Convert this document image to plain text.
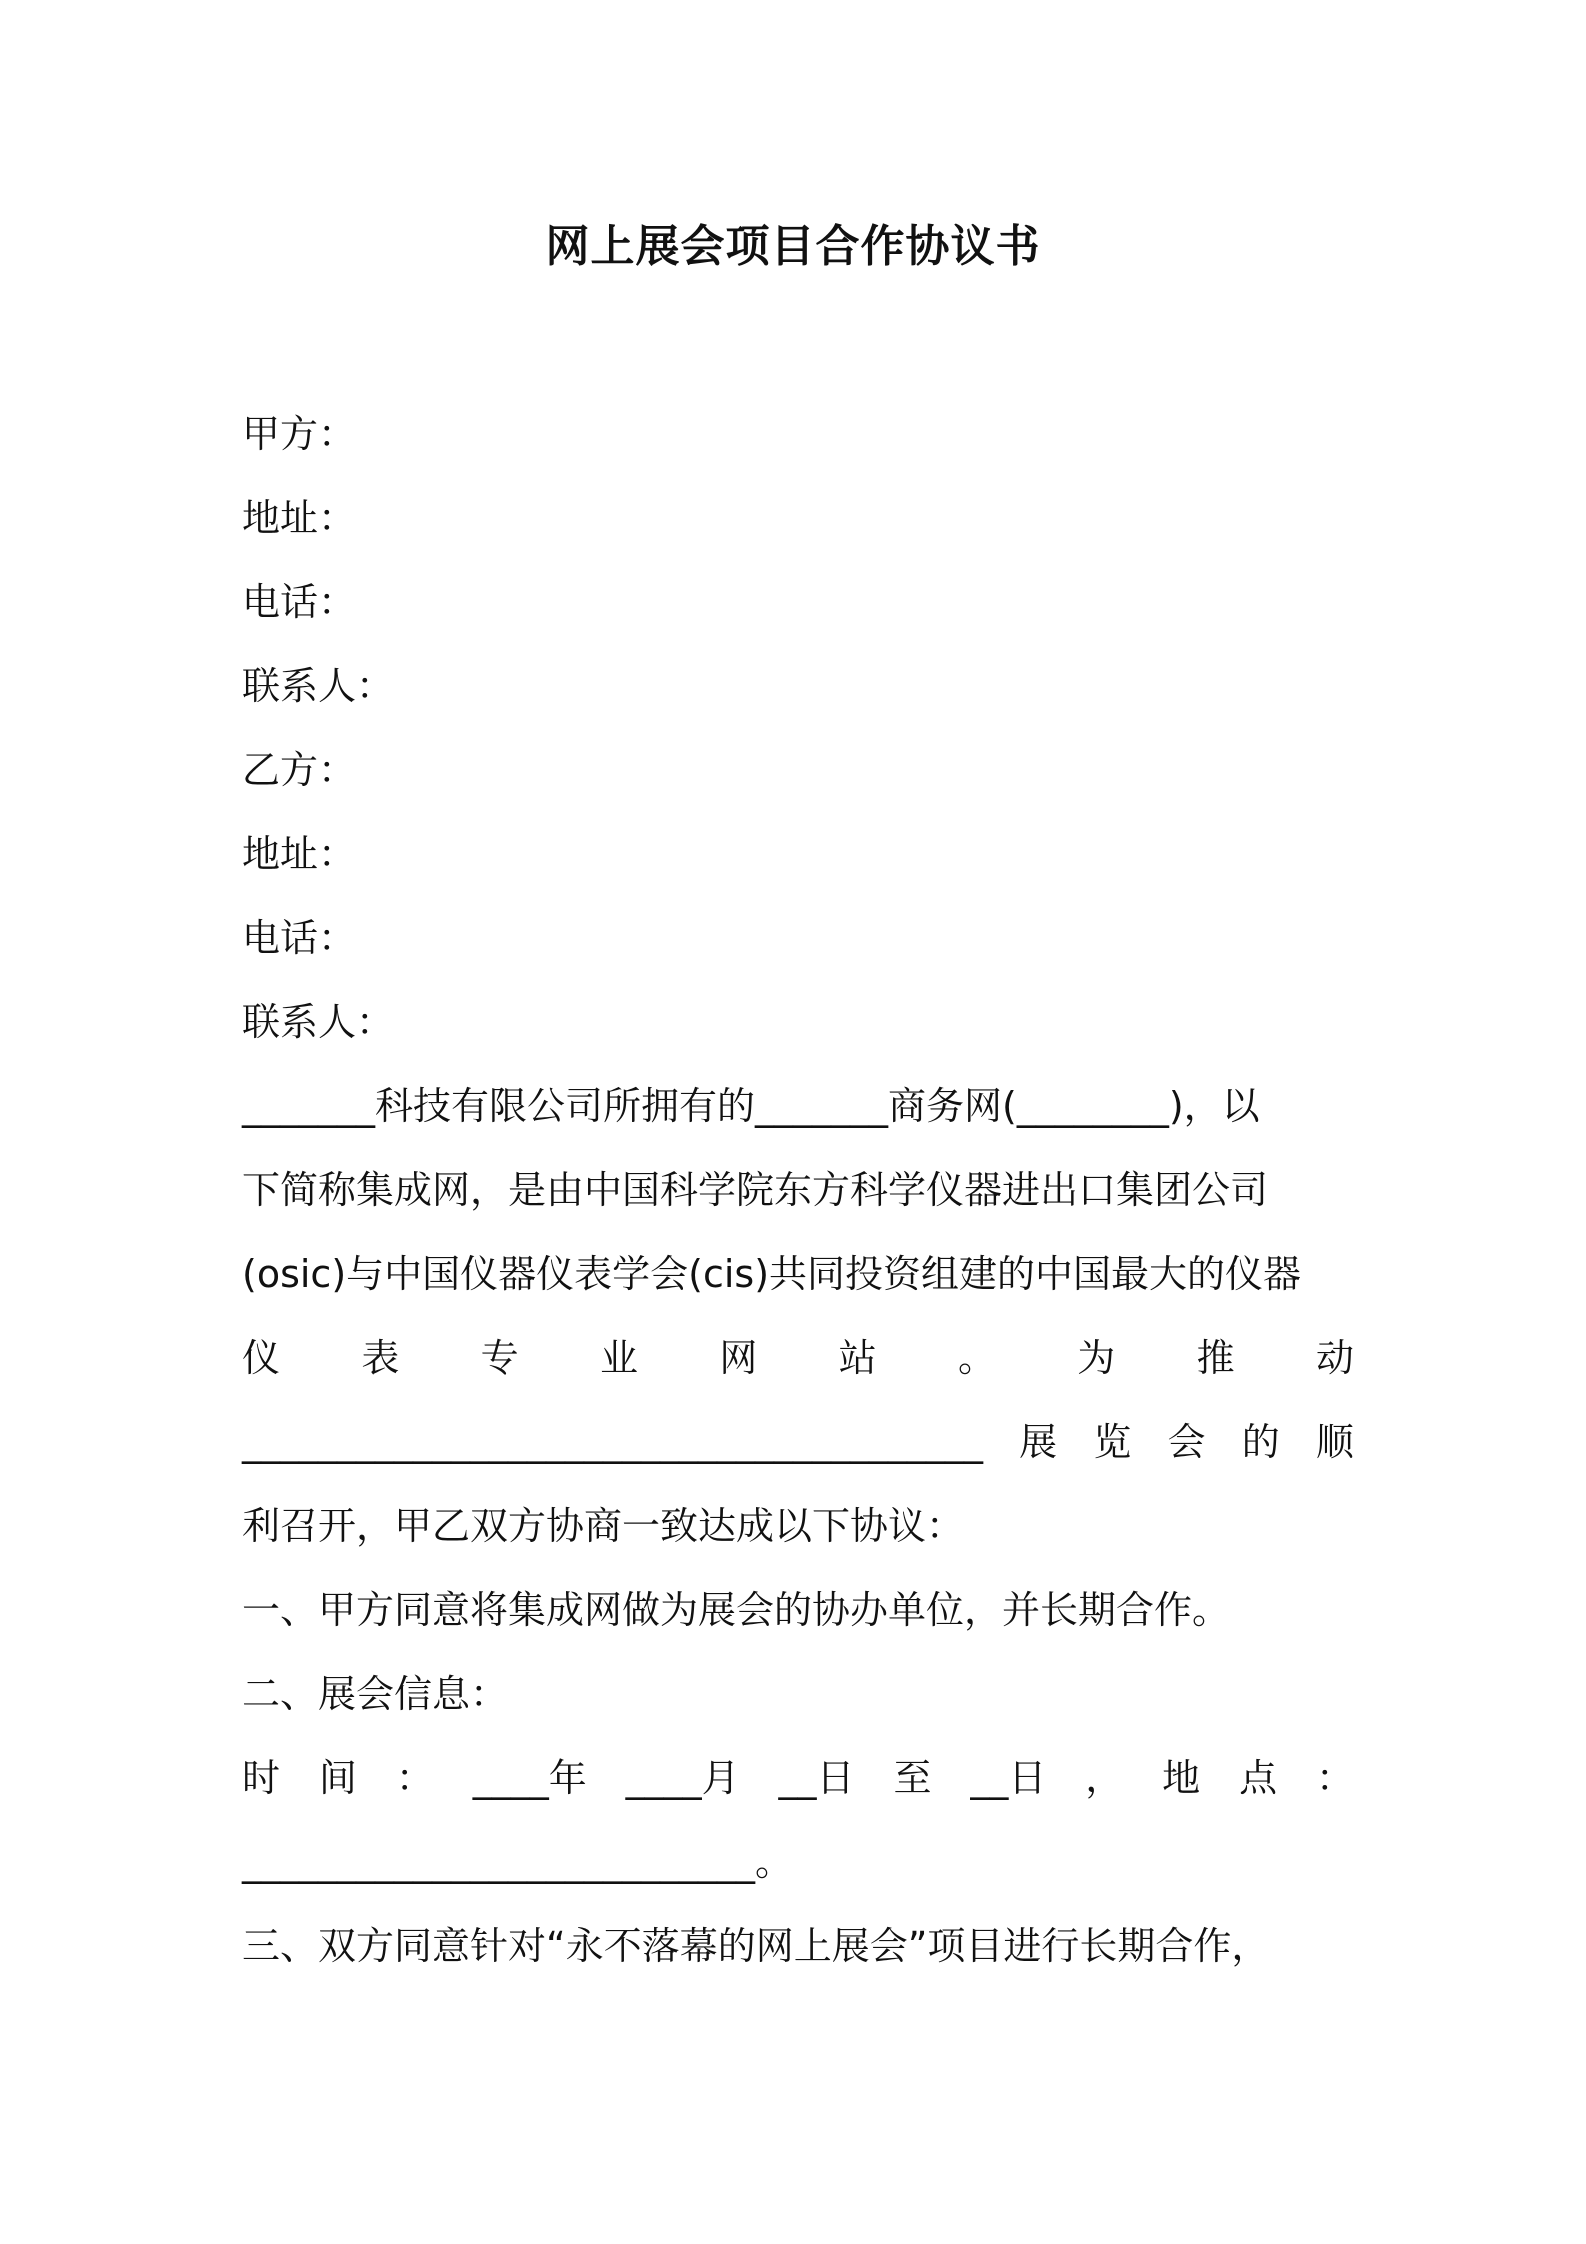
网上展会项目合作协议书
甲方：
地址：
电话：
联系人：
乙方：
地址：
电话：
联系人：
_______科技有限公司所拥有的_______商务网(________)，以
下简称集成网，是由中国科学院东方科学仪器进出口集团公司
(osic)与中国仪器仪表学会(cis)共同投资组建的中国最大的仪器
仪 表 专 业 网 站 。 为 推 动
_______________________________________ 展 览 会 的 顺
利召开，甲乙双方协商一致达成以下协议：
一、甲方同意将集成网做为展会的协办单位，并长期合作。
二、展会信息：
时 间 ： ____年 ____月 __日 至 __日 ， 地 点 ：
___________________________。
三、双方同意针对“永不落幕的网上展会”项目进行长期合作，
